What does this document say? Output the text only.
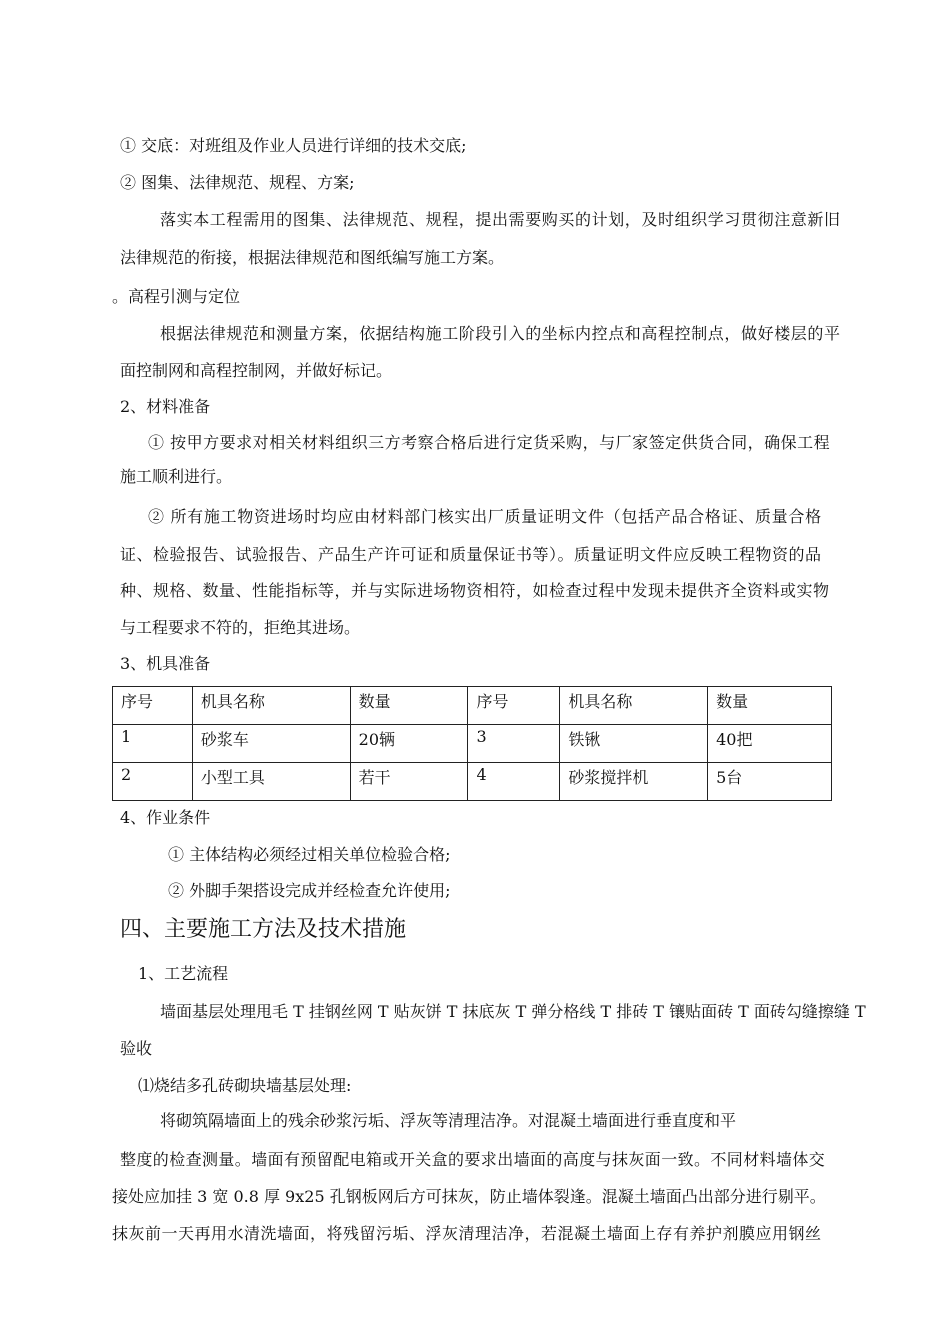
① 交底：对班组及作业人员进行详细的技术交底;
② 图集、法律规范、规程、方案;
落实本工程需用的图集、法律规范、规程，提出需要购买的计划，及时组织学习贯彻注意新旧
法律规范的衔接，根据法律规范和图纸编写施工方案。
。高程引测与定位
根据法律规范和测量方案，依据结构施工阶段引入的坐标内控点和高程控制点，做好楼层的平
面控制网和高程控制网，并做好标记。
2、材料准备
① 按甲方要求对相关材料组织三方考察合格后进行定货采购，与厂家签定供货合同，确保工程
施工顺利进行。
② 所有施工物资进场时均应由材料部门核实出厂质量证明文件（包括产品合格证、质量合格
证、检验报告、试验报告、产品生产许可证和质量保证书等）。质量证明文件应反映工程物资的品
种、规格、数量、性能指标等，并与实际进场物资相符，如检查过程中发现未提供齐全资料或实物
与工程要求不符的，拒绝其进场。
3、机具准备
序号	机具名称	数量	序号	机具名称	数量
1	砂浆车	20辆	3	铁锹	40把
2	小型工具	若干	4	砂浆搅拌机	5台
4、作业条件
① 主体结构必须经过相关单位检验合格;
② 外脚手架搭设完成并经检查允许使用;
四、主要施工方法及技术措施
1、工艺流程
墙面基层处理甩毛 T 挂钢丝网 T 贴灰饼 T 抹底灰 T 弹分格线 T 排砖 T 镶贴面砖 T 面砖勾缝擦缝 T
验收
⑴烧结多孔砖砌块墙基层处理:
将砌筑隔墙面上的残余砂浆污垢、浮灰等清理洁净。对混凝土墙面进行垂直度和平
整度的检查测量。墙面有预留配电箱或开关盒的要求出墙面的高度与抹灰面一致。不同材料墙体交
接处应加挂 3 宽 0.8 厚 9x25 孔钢板网后方可抹灰，防止墙体裂逢。混凝土墙面凸出部分进行剔平。
抹灰前一天再用水清洗墙面，将残留污垢、浮灰清理洁净，若混凝土墙面上存有养护剂膜应用钢丝
